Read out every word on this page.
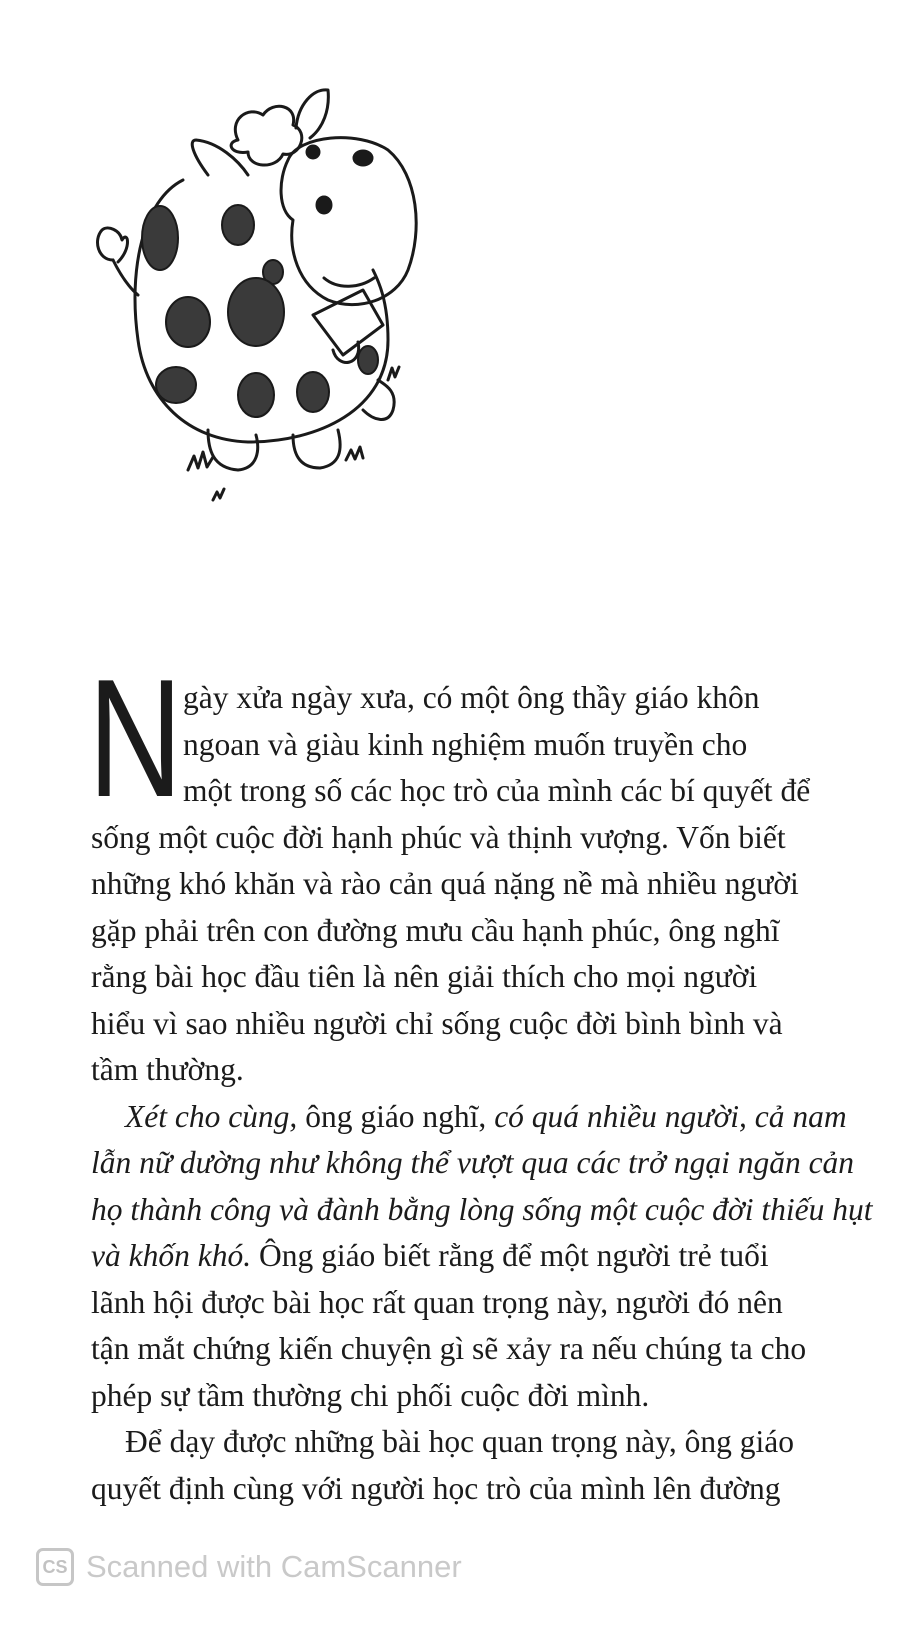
N gày xửa ngày xưa, có một ông thầy giáo khôn
ngoan và giàu kinh nghiệm muốn truyền cho
một trong số các học trò của mình các bí quyết để
sống một cuộc đời hạnh phúc và thịnh vượng. Vốn biết
những khó khăn và rào cản quá nặng nề mà nhiều người
gặp phải trên con đường mưu cầu hạnh phúc, ông nghĩ
rằng bài học đầu tiên là nên giải thích cho mọi người
hiểu vì sao nhiều người chỉ sống cuộc đời bình bình và
tầm thường.
Xét cho cùng, ông giáo nghĩ, có quá nhiều người, cả nam
lẫn nữ dường như không thể vượt qua các trở ngại ngăn cản
họ thành công và đành bằng lòng sống một cuộc đời thiếu hụt
và khốn khó. Ông giáo biết rằng để một người trẻ tuổi
lãnh hội được bài học rất quan trọng này, người đó nên
tận mắt chứng kiến chuyện gì sẽ xảy ra nếu chúng ta cho
phép sự tầm thường chi phối cuộc đời mình.
Để dạy được những bài học quan trọng này, ông giáo
quyết định cùng với người học trò của mình lên đường
CS Scanned with CamScanner
